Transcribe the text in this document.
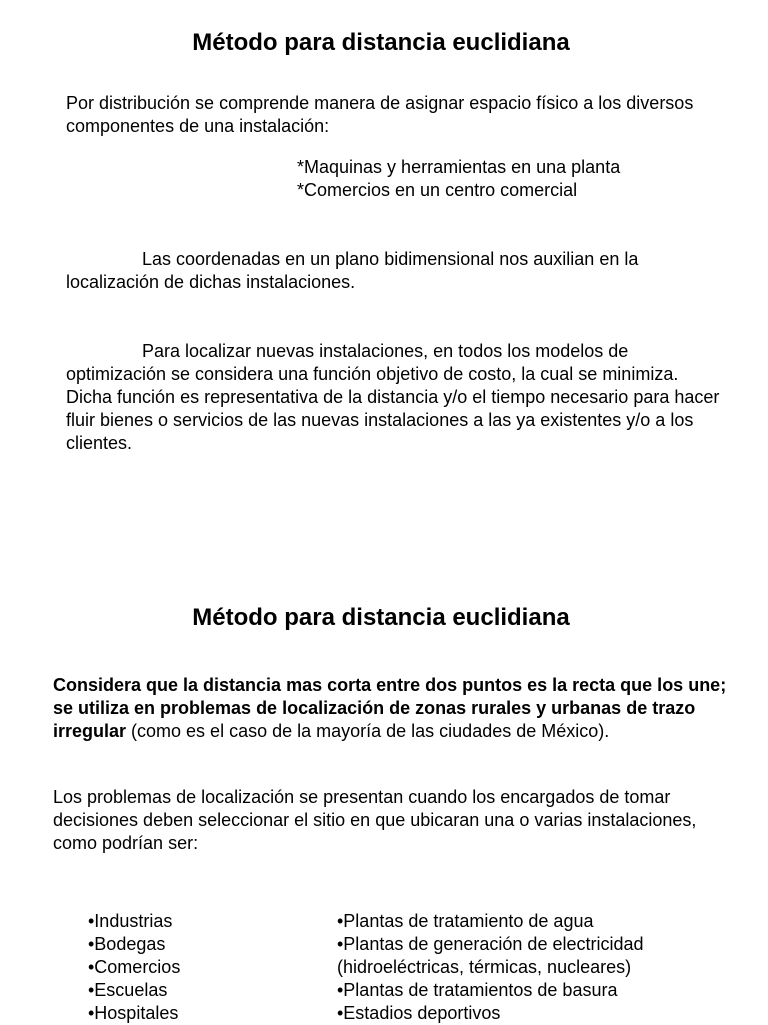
Método para distancia euclidiana

Por distribución se comprende manera de asignar espacio físico a los diversos componentes de una instalación:

*Maquinas y herramientas en una planta
*Comercios en un centro comercial

Las coordenadas en un plano bidimensional nos auxilian en la localización de dichas instalaciones.

Para localizar nuevas instalaciones, en todos los modelos de optimización se considera una función objetivo de costo, la cual se minimiza. Dicha función es representativa de la distancia y/o el tiempo necesario para hacer fluir bienes o servicios de las nuevas instalaciones a las ya existentes y/o a los clientes.

Método para distancia euclidiana

Considera que la distancia mas corta entre dos puntos es la recta que los une; se utiliza en problemas de localización de zonas rurales y urbanas de trazo irregular (como es el caso de la mayoría de las ciudades de México).

Los problemas de localización se presentan cuando los encargados de tomar decisiones deben seleccionar el sitio en que ubicaran una o varias instalaciones, como podrían ser:

•Industrias
•Bodegas
•Comercios
•Escuelas
•Hospitales
•Plantas de tratamiento de agua
•Plantas de generación de electricidad
(hidroeléctricas, térmicas, nucleares)
•Plantas de tratamientos de basura
•Estadios deportivos
